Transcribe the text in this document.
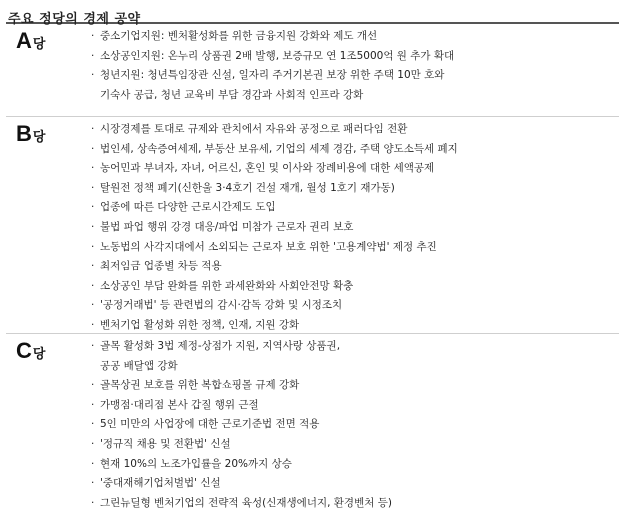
주요 정당의 경제 공약
A당
· 중소기업지원: 벤처활성화를 위한 금융지원 강화와 제도 개선
· 소상공인지원: 온누리 상품권 2배 발행, 보증규모 연 1조5000억 원 추가 확대
· 청년지원: 청년특임장관 신설, 일자리 주거기본권 보장 위한 주택 10만 호와
기숙사 공급, 청년 교육비 부담 경감과 사회적 인프라 강화
B당
· 시장경제를 토대로 규제와 관치에서 자유와 공정으로 패러다임 전환
· 법인세, 상속증여세제, 부동산 보유세, 기업의 세제 경감, 주택 양도소득세 폐지
· 농어민과 부녀자, 자녀, 어르신, 혼인 및 이사와 장례비용에 대한 세액공제
· 탈원전 정책 폐기(신한울 3·4호기 건설 재개, 월성 1호기 재가동)
· 업종에 따른 다양한 근로시간제도 도입
· 불법 파업 행위 강경 대응/파업 미참가 근로자 권리 보호
· 노동법의 사각지대에서 소외되는 근로자 보호 위한 '고용계약법' 제정 추진
· 최저임금 업종별 차등 적용
· 소상공인 부담 완화를 위한 과세완화와 사회안전망 확충
· '공정거래법' 등 관련법의 감시·감독 강화 및 시정조치
· 벤처기업 활성화 위한 정책, 인재, 지원 강화
C당
· 골목 활성화 3법 제정-상점가 지원, 지역사랑 상품권,
공공 배달앱 강화
· 골목상권 보호를 위한 복합쇼핑몰 규제 강화
· 가맹점·대리점 본사 갑질 행위 근절
· 5인 미만의 사업장에 대한 근로기준법 전면 적용
· '정규직 채용 및 전환법' 신설
· 현재 10%의 노조가입률을 20%까지 상승
· '중대재해기업처벌법' 신설
· 그린뉴딜형 벤처기업의 전략적 육성(신재생에너지, 환경벤처 등)
